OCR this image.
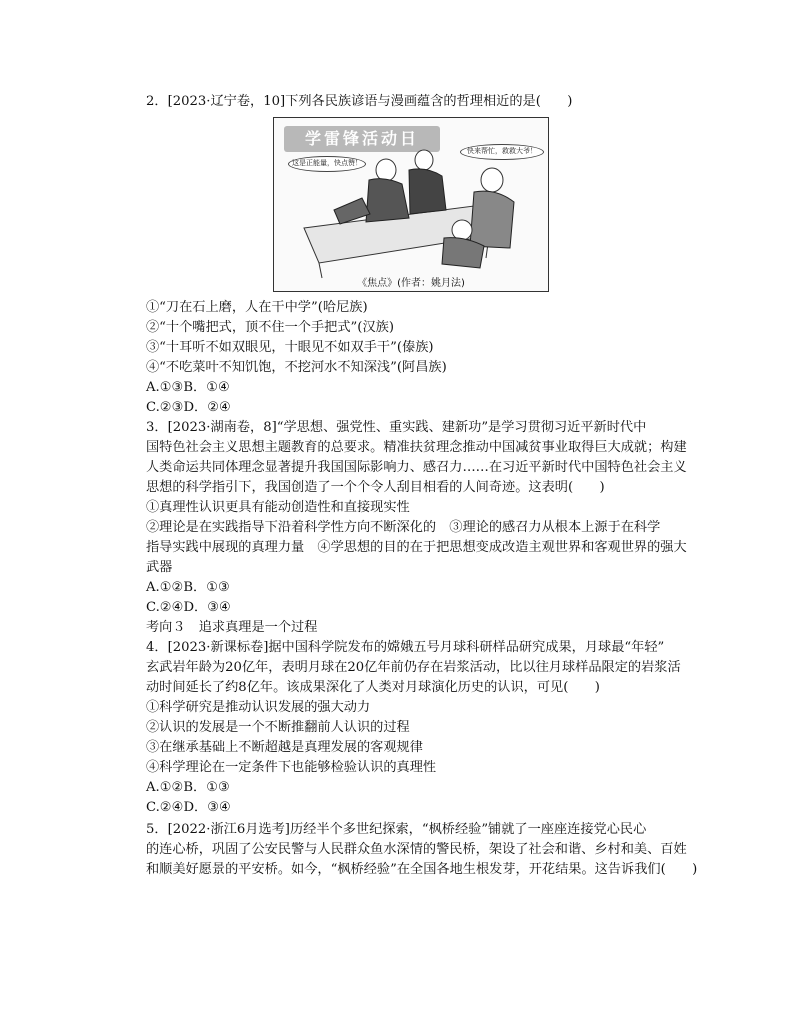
2．[2023·辽宁卷，10]下列各民族谚语与漫画蕴含的哲理相近的是(　　)
学雷锋活动日
这是正能量，快点赞！
快来帮忙，救救大爷！
《焦点》(作者：姚月法)
①“刀在石上磨，人在干中学”(哈尼族)
②“十个嘴把式，顶不住一个手把式”(汉族)
③“十耳听不如双眼见，十眼见不如双手干”(傣族)
④“不吃菜叶不知饥饱，不挖河水不知深浅”(阿昌族)
A.①③B．①④
C.②③D．②④
3．[2023·湖南卷，8]“学思想、强党性、重实践、建新功”是学习贯彻习近平新时代中
国特色社会主义思想主题教育的总要求。精准扶贫理念推动中国减贫事业取得巨大成就；构建
人类命运共同体理念显著提升我国国际影响力、感召力……在习近平新时代中国特色社会主义
思想的科学指引下，我国创造了一个个令人刮目相看的人间奇迹。这表明(　　)
①真理性认识更具有能动创造性和直接现实性
②理论是在实践指导下沿着科学性方向不断深化的　③理论的感召力从根本上源于在科学
指导实践中展现的真理力量　④学思想的目的在于把思想变成改造主观世界和客观世界的强大
武器
A.①②B．①③
C.②④D．③④
考向３　追求真理是一个过程
4．[2023·新课标卷]据中国科学院发布的嫦娥五号月球科研样品研究成果，月球最“年轻”
玄武岩年龄为20亿年，表明月球在20亿年前仍存在岩浆活动，比以往月球样品限定的岩浆活
动时间延长了约8亿年。该成果深化了人类对月球演化历史的认识，可见(　　)
①科学研究是推动认识发展的强大动力
②认识的发展是一个不断推翻前人认识的过程
③在继承基础上不断超越是真理发展的客观规律
④科学理论在一定条件下也能够检验认识的真理性
A.①②B．①③
C.②④D．③④
5．[2022·浙江6月选考]历经半个多世纪探索，“枫桥经验”铺就了一座座连接党心民心
的连心桥，巩固了公安民警与人民群众鱼水深情的警民桥，架设了社会和谐、乡村和美、百姓
和顺美好愿景的平安桥。如今，“枫桥经验”在全国各地生根发芽，开花结果。这告诉我们(　　)
